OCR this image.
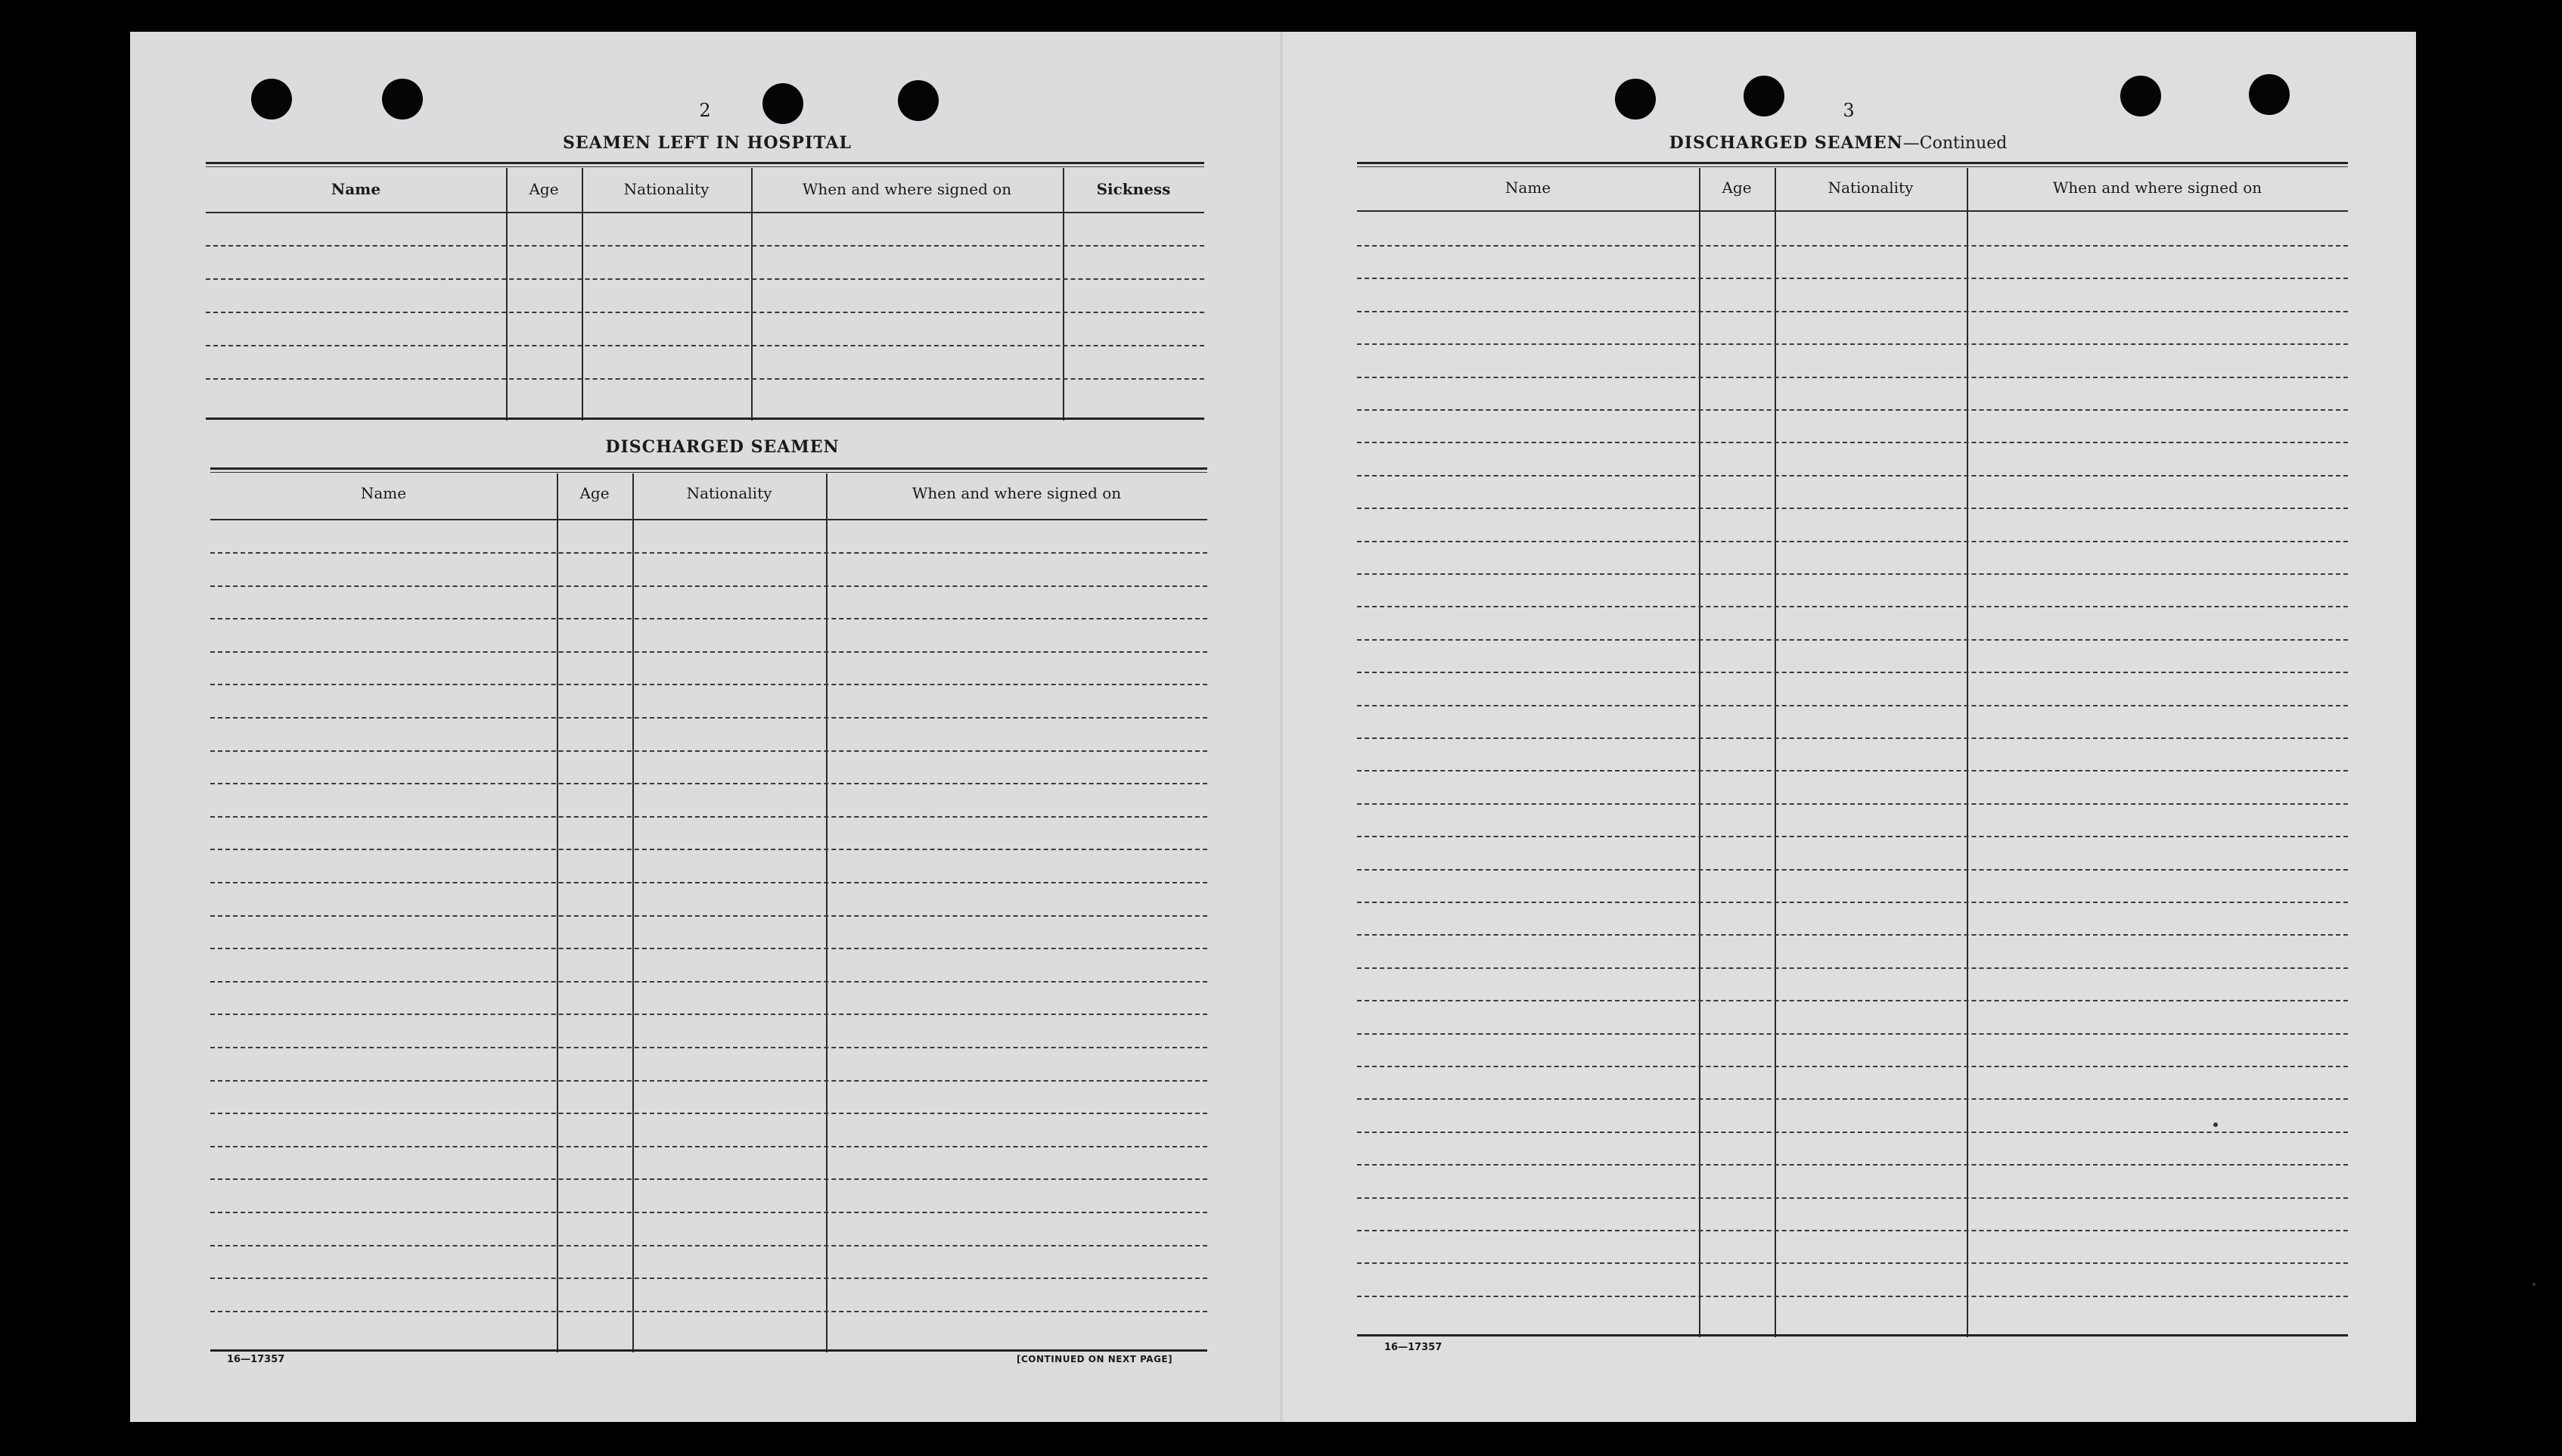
2
SEAMEN LEFT IN HOSPITAL
Name	Age	Nationality	When and where signed on	Sickness
DISCHARGED SEAMEN
Name	Age	Nationality	When and where signed on
16—17357	[CONTINUED ON NEXT PAGE]
3
DISCHARGED SEAMEN—Continued
Name	Age	Nationality	When and where signed on
16—17357
